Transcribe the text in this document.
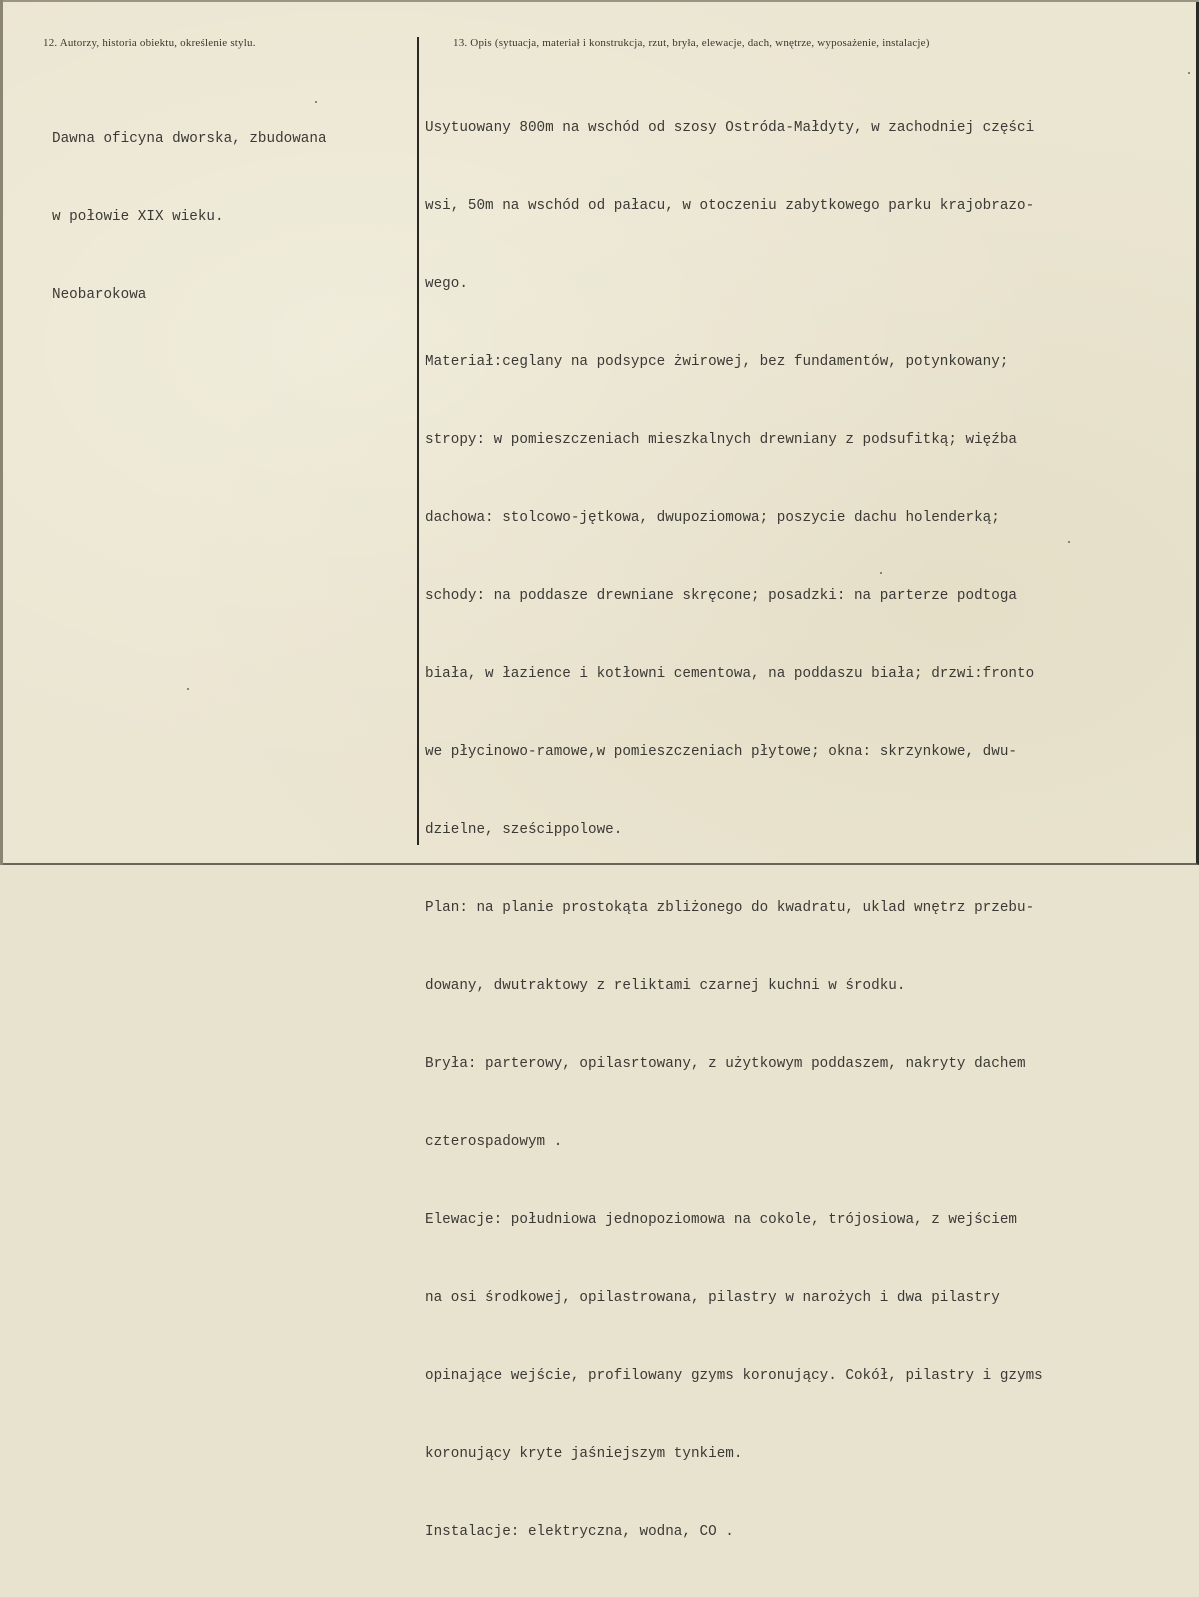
12. Autorzy, historia obiektu, określenie stylu.	13. Opis (sytuacja, materiał i konstrukcja, rzut, bryła, elewacje, dach, wnętrze, wyposażenie, instalacje)

Dawna oficyna dworska, zbudowana

w połowie XIX wieku.

Neobarokowa

Usytuowany 800m na wschód od szosy Ostróda-Małdyty, w zachodniej części

wsi, 50m na wschód od pałacu, w otoczeniu zabytkowego parku krajobrazo-

wego.

Materiał:ceglany na podsypce żwirowej, bez fundamentów, potynkowany;

stropy: w pomieszczeniach mieszkalnych drewniany z podsufitką; więźba

dachowa: stolcowo-jętkowa, dwupoziomowa; poszycie dachu holenderką;

schody: na poddasze drewniane skręcone; posadzki: na parterze podtoga

biała, w łazience i kotłowni cementowa, na poddaszu biała; drzwi:fronto

we płycinowo-ramowe,w pomieszczeniach płytowe; okna: skrzynkowe, dwu-

dzielne, sześcippolowe.

Plan: na planie prostokąta zbliżonego do kwadratu, uklad wnętrz przebu-

dowany, dwutraktowy z reliktami czarnej kuchni w środku.

Bryła: parterowy, opilasrtowany, z użytkowym poddaszem, nakryty dachem

czterospadowym .

Elewacje: południowa jednopoziomowa na cokole, trójosiowa, z wejściem

na osi środkowej, opilastrowana, pilastry w narożych i dwa pilastry

opinające wejście, profilowany gzyms koronujący. Cokół, pilastry i gzyms

koronujący kryte jaśniejszym tynkiem.

Instalacje: elektryczna, wodna, CO .
